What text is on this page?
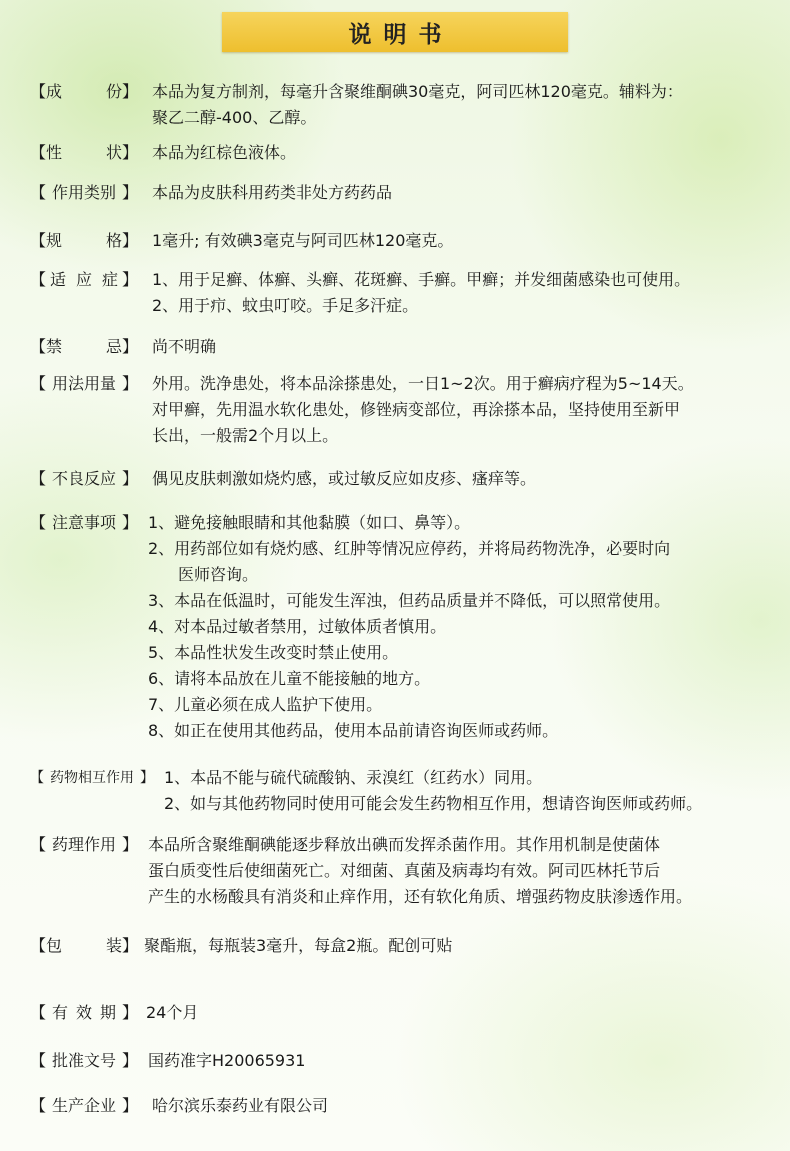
说明书
【 成	份 】 本品为复方制剂，每毫升含聚维酮碘30毫克，阿司匹林120毫克。辅料为：
聚乙二醇-400、乙醇。
【 性	状 】 本品为红棕色液体。
【 作用类别 】 本品为皮肤科用药类非处方药药品
【 规	格 】 1毫升; 有效碘3毫克与阿司匹林120毫克。
【 适 应 症 】 1、用于足癣、体癣、头癣、花斑癣、手癣。甲癣；并发细菌感染也可使用。
2、用于疖、蚊虫叮咬。手足多汗症。
【 禁	忌 】 尚不明确
【 用法用量 】 外用。洗净患处，将本品涂搽患处，一日1~2次。用于癣病疗程为5~14天。
对甲癣，先用温水软化患处，修锉病变部位，再涂搽本品，坚持使用至新甲
长出，一般需2个月以上。
【 不良反应 】 偶见皮肤刺激如烧灼感，或过敏反应如皮疹、瘙痒等。
【 注意事项 】 1、避免接触眼睛和其他黏膜（如口、鼻等）。
2、用药部位如有烧灼感、红肿等情况应停药，并将局药物洗净，必要时向
医师咨询。
3、本品在低温时，可能发生浑浊，但药品质量并不降低，可以照常使用。
4、对本品过敏者禁用，过敏体质者慎用。
5、本品性状发生改变时禁止使用。
6、请将本品放在儿童不能接触的地方。
7、儿童必须在成人监护下使用。
8、如正在使用其他药品，使用本品前请咨询医师或药师。
【 药物相互作用 】 1、本品不能与硫代硫酸钠、汞溴红（红药水）同用。
2、如与其他药物同时使用可能会发生药物相互作用，想请咨询医师或药师。
【 药理作用 】 本品所含聚维酮碘能逐步释放出碘而发挥杀菌作用。其作用机制是使菌体
蛋白质变性后使细菌死亡。对细菌、真菌及病毒均有效。阿司匹林托节后
产生的水杨酸具有消炎和止痒作用，还有软化角质、增强药物皮肤渗透作用。
【 包	装 】 聚酯瓶，每瓶装3毫升，每盒2瓶。配创可贴
【 有 效 期 】 24个月
【 批准文号 】 国药准字H20065931
【 生产企业 】 哈尔滨乐泰药业有限公司
